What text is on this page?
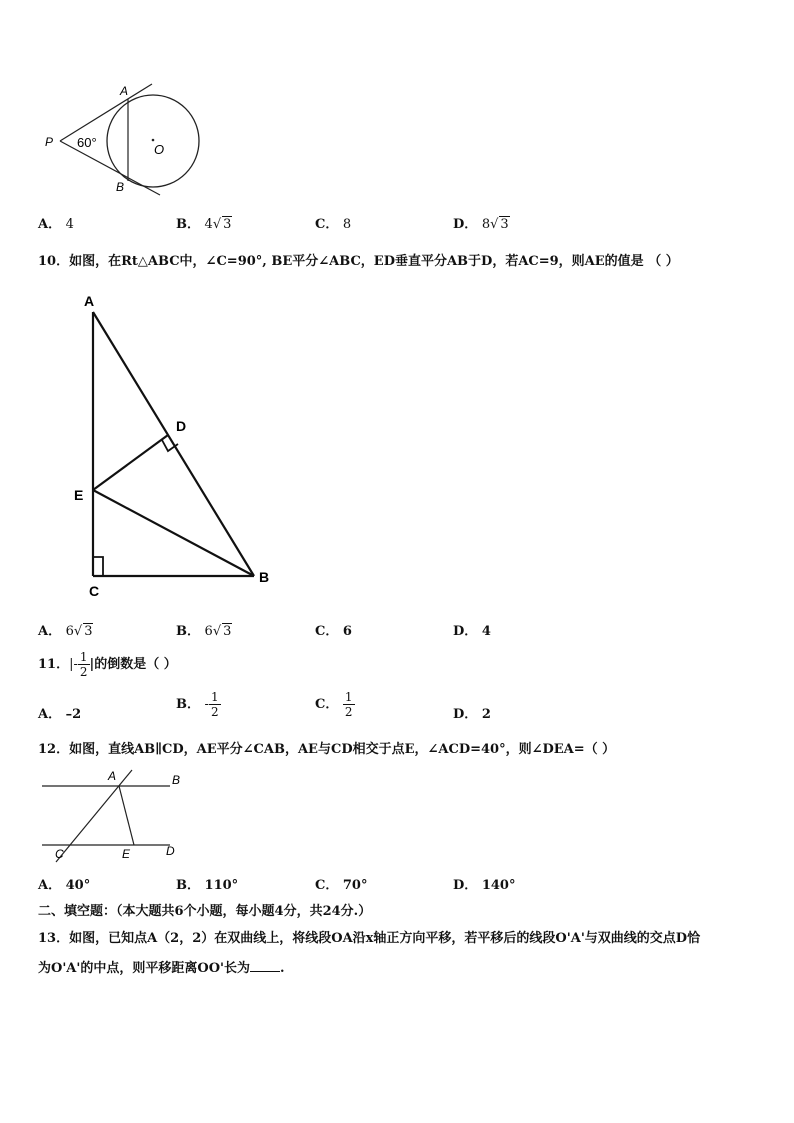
A
B
P	O
60°
A． 4	B． 4√ 3	C． 8	D． 8√ 3
10．如图，在Rt△ABC中，∠C=90°, BE平分∠ABC，ED垂直平分AB于D，若AC=9，则AE的值是 （ ）
A
D
E
C
B
A． 6√ 3	B． 6√ 3	C． 6	D． 4
11．|- $\frac{1}{2}$ |的倒数是（ ）
A． –2
B． - $\frac{1}{2}$	C． $\frac{1}{2}$	D． 2
12．如图，直线AB∥CD，AE平分∠CAB，AE与CD相交于点E，∠ACD=40°，则∠DEA=（ ）
A	B
C	E	D
A． 40°	B． 110°	C． 70°	D． 140°
二、填空题：（本大题共6个小题，每小题4分，共24分.）
13．如图，已知点A（2，2）在双曲线上，将线段OA沿x轴正方向平移，若平移后的线段O'A'与双曲线的交点D恰
为O'A'的中点，则平移距离OO'长为 .
